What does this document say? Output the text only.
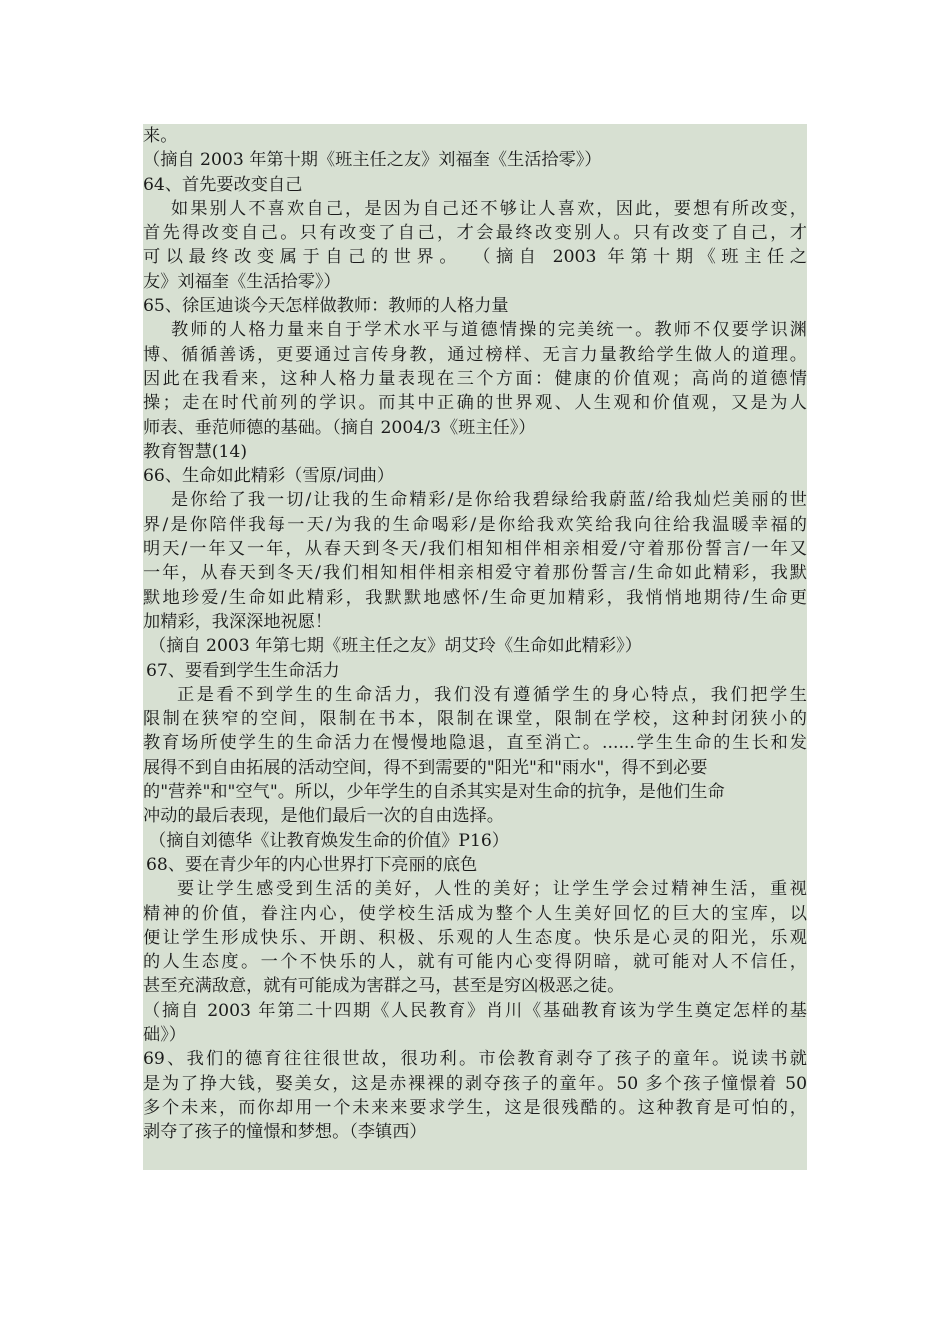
来。
（摘自 2003 年第十期《班主任之友》刘福奎《生活拾零》）
64、首先要改变自己
如果别人不喜欢自己，是因为自己还不够让人喜欢，因此，要想有所改变，
首先得改变自己。只有改变了自己，才会最终改变别人。只有改变了自己，才
可以最终改变属于自己的世界。 （摘自 2003 年第十期《班主任之
友》刘福奎《生活拾零》）
65、徐匡迪谈今天怎样做教师：教师的人格力量
教师的人格力量来自于学术水平与道德情操的完美统一。教师不仅要学识渊
博、循循善诱，更要通过言传身教，通过榜样、无言力量教给学生做人的道理。
因此在我看来，这种人格力量表现在三个方面：健康的价值观；高尚的道德情
操；走在时代前列的学识。而其中正确的世界观、人生观和价值观，又是为人
师表、垂范师德的基础。（摘自 2004/3《班主任》）
教育智慧(14)
66、生命如此精彩（雪原/词曲）
是你给了我一切/让我的生命精彩/是你给我碧绿给我蔚蓝/给我灿烂美丽的世
界/是你陪伴我每一天/为我的生命喝彩/是你给我欢笑给我向往给我温暖幸福的
明天/一年又一年，从春天到冬天/我们相知相伴相亲相爱/守着那份誓言/一年又
一年，从春天到冬天/我们相知相伴相亲相爱守着那份誓言/生命如此精彩，我默
默地珍爱/生命如此精彩，我默默地感怀/生命更加精彩，我悄悄地期待/生命更
加精彩，我深深地祝愿！
（摘自 2003 年第七期《班主任之友》胡艾玲《生命如此精彩》）
67、要看到学生生命活力
正是看不到学生的生命活力，我们没有遵循学生的身心特点，我们把学生
限制在狭窄的空间，限制在书本，限制在课堂，限制在学校，这种封闭狭小的
教育场所使学生的生命活力在慢慢地隐退，直至消亡。......学生生命的生长和发
展得不到自由拓展的活动空间，得不到需要的"阳光"和"雨水"，得不到必要
的"营养"和"空气"。所以，少年学生的自杀其实是对生命的抗争，是他们生命
冲动的最后表现，是他们最后一次的自由选择。
（摘自刘德华《让教育焕发生命的价值》P16）
68、要在青少年的内心世界打下亮丽的底色
要让学生感受到生活的美好，人性的美好；让学生学会过精神生活，重视
精神的价值，眷注内心，使学校生活成为整个人生美好回忆的巨大的宝库，以
便让学生形成快乐、开朗、积极、乐观的人生态度。快乐是心灵的阳光，乐观
的人生态度。一个不快乐的人，就有可能内心变得阴暗，就可能对人不信任，
甚至充满敌意，就有可能成为害群之马，甚至是穷凶极恶之徒。
（摘自 2003 年第二十四期《人民教育》肖川《基础教育该为学生奠定怎样的基
础》）
69、我们的德育往往很世故，很功利。市侩教育剥夺了孩子的童年。说读书就
是为了挣大钱，娶美女，这是赤裸裸的剥夺孩子的童年。50 多个孩子憧憬着 50
多个未来，而你却用一个未来来要求学生，这是很残酷的。这种教育是可怕的，
剥夺了孩子的憧憬和梦想。（李镇西）
